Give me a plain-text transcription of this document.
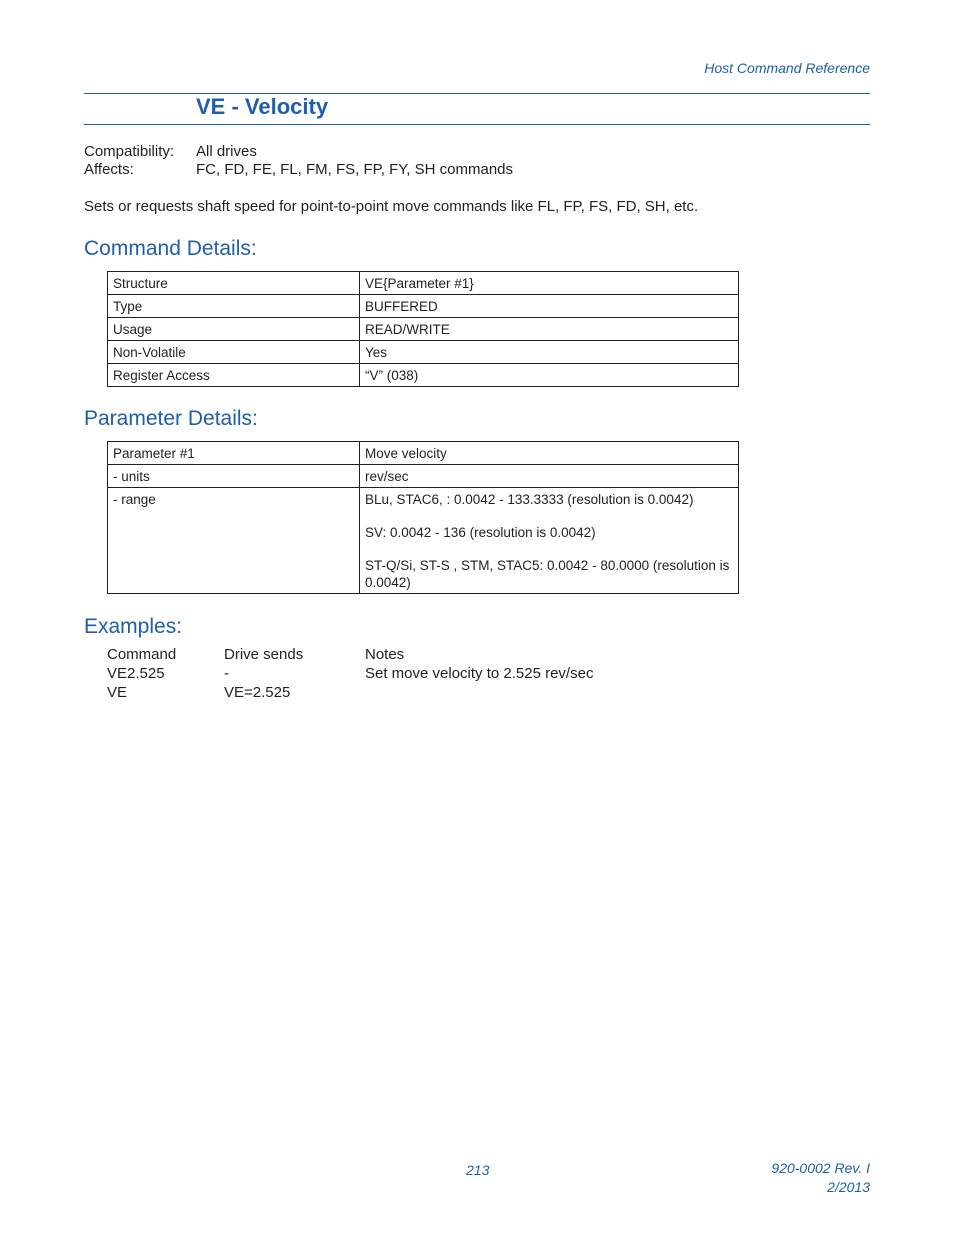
Host Command Reference
VE - Velocity
Compatibility: All drives
Affects:	FC, FD, FE, FL, FM, FS, FP, FY, SH commands
Sets or requests shaft speed for point-to-point move commands like FL, FP, FS, FD, SH, etc.
Command Details:
Structure	VE{Parameter #1}
Type	BUFFERED
Usage	READ/WRITE
Non-Volatile	Yes
Register Access	“V” (038)
Parameter Details:
Parameter #1	Move velocity
- units	rev/sec
- range	BLu, STAC6, : 0.0042 - 133.3333 (resolution is 0.0042)

SV: 0.0042 - 136 (resolution is 0.0042)

ST-Q/Si, ST-S , STM, STAC5: 0.0042 - 80.0000 (resolution is 0.0042)

Examples:
Command	Drive sends	Notes
VE2.525	-	Set move velocity to 2.525 rev/sec
VE	VE=2.525
213	920-0002 Rev. I
2/2013
